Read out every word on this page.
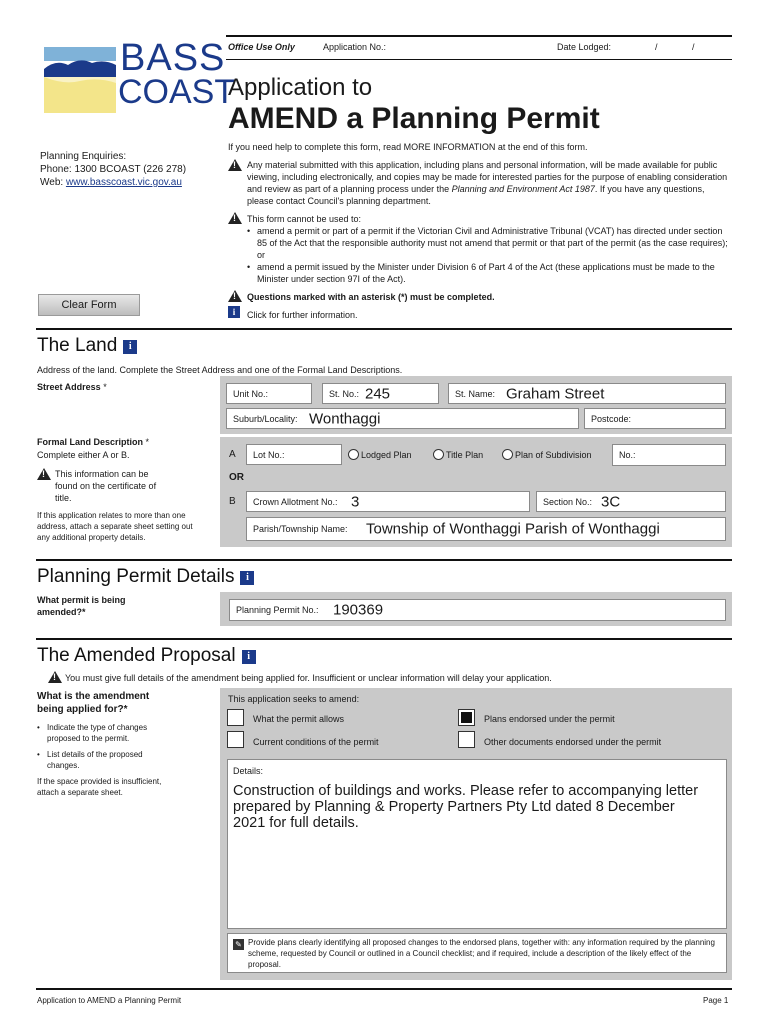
BASS
COAST
Office Use Only	Application No.:	Date Lodged:	/	/
Application to
AMEND a Planning Permit
Planning Enquiries:
Phone: 1300 BCOAST (226 278)
Web: www.basscoast.vic.gov.au
If you need help to complete this form, read MORE INFORMATION at the end of this form.
!
Any material submitted with this application, including plans and personal information, will be made available for public viewing, including electronically, and copies may be made for interested parties for the purpose of enabling consideration and review as part of a planning process under the Planning and Environment Act 1987. If you have any questions, please contact Council's planning department.
!
This form cannot be used to:
• amend a permit or part of a permit if the Victorian Civil and Administrative Tribunal (VCAT) has directed under section 85 of the Act that the responsible authority must not amend that permit or that part of the permit (as the case requires); or
• amend a permit issued by the Minister under Division 6 of Part 4 of the Act (these applications must be made to the Minister under section 97I of the Act).
!
Questions marked with an asterisk (*) must be completed.
i	Click for further information.
Clear Form
The Land i
Address of the land. Complete the Street Address and one of the Formal Land Descriptions.
Street Address *
Unit No.:	St. No.: 245	St. Name: Graham Street
Suburb/Locality: Wonthaggi	Postcode:
Formal Land Description *
Complete either A or B.
!
This information can be found on the certificate of title.
If this application relates to more than one address, attach a separate sheet setting out any additional property details.
A Lot No.:	Lodged Plan	Title Plan	Plan of Subdivision	No.:
OR
B Crown Allotment No.: 3	Section No.: 3C
Parish/Township Name: Township of Wonthaggi Parish of Wonthaggi
Planning Permit Details i
What permit is being amended?*	Planning Permit No.: 190369
The Amended Proposal i
!
You must give full details of the amendment being applied for. Insufficient or unclear information will delay your application.
What is the amendment being applied for?*
• Indicate the type of changes proposed to the permit.
• List details of the proposed changes.
If the space provided is insufficient, attach a separate sheet.
This application seeks to amend:
What the permit allows	Plans endorsed under the permit
Current conditions of the permit	Other documents endorsed under the permit
Details:
Construction of buildings and works. Please refer to accompanying letter prepared by Planning & Property Partners Pty Ltd dated 8 December 2021 for full details.
✎ Provide plans clearly identifying all proposed changes to the endorsed plans, together with: any information required by the planning scheme, requested by Council or outlined in a Council checklist; and if required, include a description of the likely effect of the proposal.
Application to AMEND a Planning Permit	Page 1
